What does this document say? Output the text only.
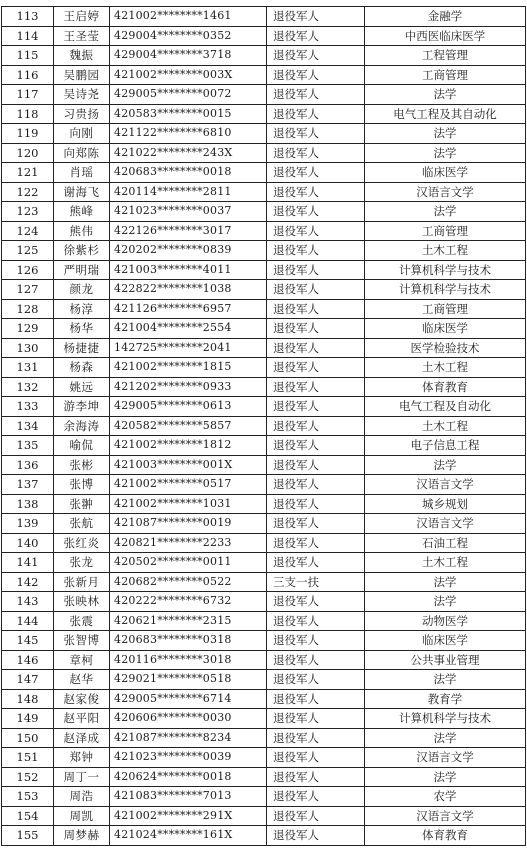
113	王启婷	421002********1461	退役军人	金融学
114	王圣莹	429004********0352	退役军人	中西医临床医学
115	魏振	429004********3718	退役军人	工程管理
116	吴鹏园	421002********003X	退役军人	工商管理
117	吴诗尧	429005********0072	退役军人	法学
118	习贵扬	420583********0015	退役军人	电气工程及其自动化
119	向刚	421122********6810	退役军人	法学
120	向郑陈	421022********243X	退役军人	法学
121	肖瑶	420683********0018	退役军人	临床医学
122	谢海飞	420114********2811	退役军人	汉语言文学
123	熊峰	421023********0037	退役军人	法学
124	熊伟	422126********3017	退役军人	工商管理
125	徐紫杉	420202********0839	退役军人	土木工程
126	严明瑞	421003********4011	退役军人	计算机科学与技术
127	颜龙	422822********1038	退役军人	计算机科学与技术
128	杨淳	421126********6957	退役军人	工商管理
129	杨华	421004********2554	退役军人	临床医学
130	杨捷捷	142725********2041	退役军人	医学检验技术
131	杨森	421002********1815	退役军人	土木工程
132	姚远	421202********0933	退役军人	体育教育
133	游李坤	429005********0613	退役军人	电气工程及自动化
134	余海涛	420582********5857	退役军人	土木工程
135	喻侃	421002********1812	退役军人	电子信息工程
136	张彬	421003********001X	退役军人	法学
137	张博	421002********0517	退役军人	汉语言文学
138	张翀	421002********1031	退役军人	城乡规划
139	张航	421087********0019	退役军人	汉语言文学
140	张红炎	420821********2233	退役军人	石油工程
141	张龙	420502********0011	退役军人	土木工程
142	张新月	420682********0522	三支一扶	法学
143	张映林	420222********6732	退役军人	法学
144	张震	420621********2315	退役军人	动物医学
145	张智博	420683********0318	退役军人	临床医学
146	章柯	420116********3018	退役军人	公共事业管理
147	赵华	429021********0518	退役军人	法学
148	赵家俊	429005********6714	退役军人	教育学
149	赵平阳	420606********0030	退役军人	计算机科学与技术
150	赵泽成	421087********8234	退役军人	法学
151	郑钟	421023********0039	退役军人	汉语言文学
152	周丁一	420624********0018	退役军人	法学
153	周浩	421083********7013	退役军人	农学
154	周凯	421002********291X	退役军人	汉语言文学
155	周梦赫	421024********161X	退役军人	体育教育
